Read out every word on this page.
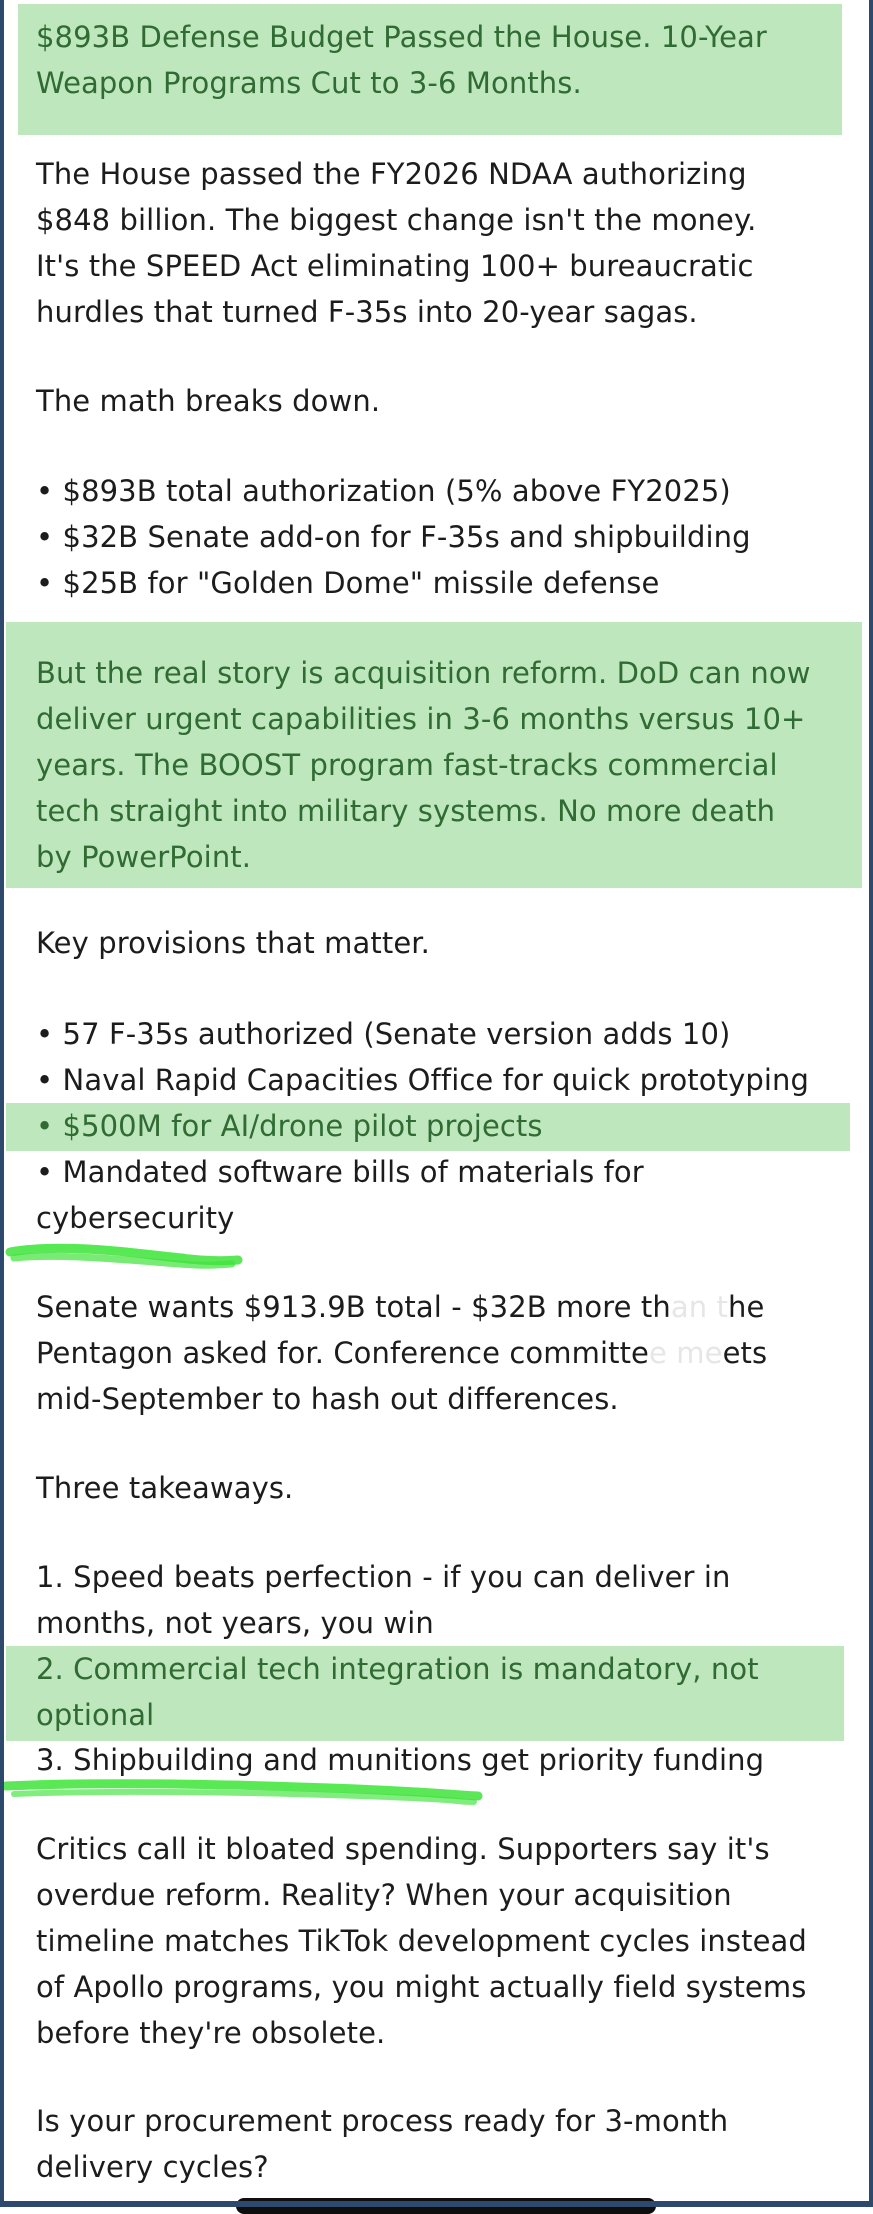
$893B Defense Budget Passed the House. 10-Year
Weapon Programs Cut to 3-6 Months.
The House passed the FY2026 NDAA authorizing
$848 billion. The biggest change isn't the money.
It's the SPEED Act eliminating 100+ bureaucratic
hurdles that turned F-35s into 20-year sagas.
The math breaks down.
• $893B total authorization (5% above FY2025)
• $32B Senate add-on for F-35s and shipbuilding
• $25B for "Golden Dome" missile defense
But the real story is acquisition reform. DoD can now
deliver urgent capabilities in 3-6 months versus 10+
years. The BOOST program fast-tracks commercial
tech straight into military systems. No more death
by PowerPoint.
Key provisions that matter.
• 57 F-35s authorized (Senate version adds 10)
• Naval Rapid Capacities Office for quick prototyping
• $500M for AI/drone pilot projects
• Mandated software bills of materials for
cybersecurity
Senate wants $913.9B total - $32B more than the
Pentagon asked for. Conference committee meets
mid-September to hash out differences.
Three takeaways.
1. Speed beats perfection - if you can deliver in
months, not years, you win
2. Commercial tech integration is mandatory, not
optional
3. Shipbuilding and munitions get priority funding
Critics call it bloated spending. Supporters say it's
overdue reform. Reality? When your acquisition
timeline matches TikTok development cycles instead
of Apollo programs, you might actually field systems
before they're obsolete.
Is your procurement process ready for 3-month
delivery cycles?
